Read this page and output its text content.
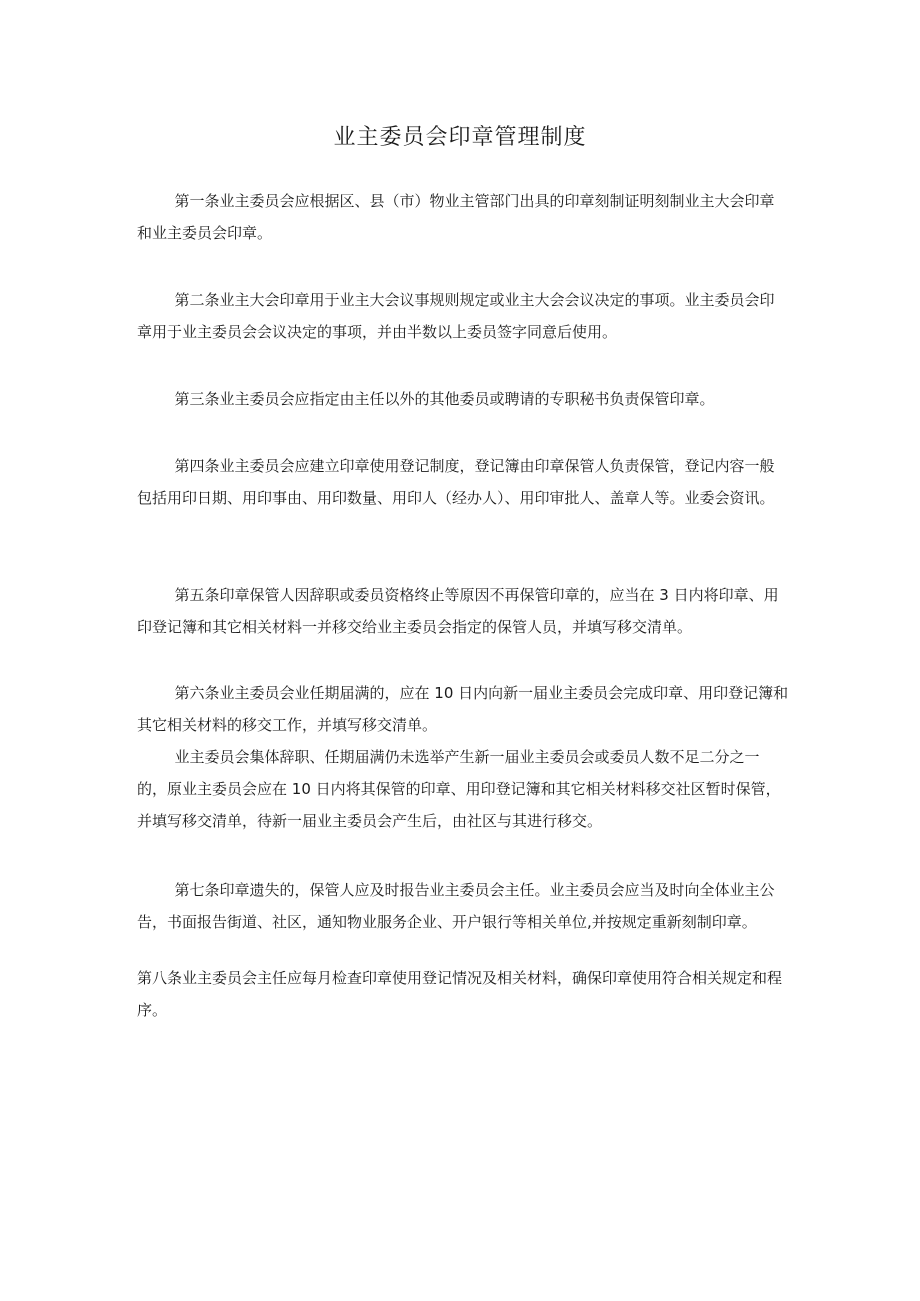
业主委员会印章管理制度

第一条业主委员会应根据区、县（市）物业主管部门出具的印章刻制证明刻制业主大会印章和业主委员会印章。

第二条业主大会印章用于业主大会议事规则规定或业主大会会议决定的事项。业主委员会印章用于业主委员会会议决定的事项，并由半数以上委员签字同意后使用。

第三条业主委员会应指定由主任以外的其他委员或聘请的专职秘书负责保管印章。

第四条业主委员会应建立印章使用登记制度，登记簿由印章保管人负责保管，登记内容一般包括用印日期、用印事由、用印数量、用印人（经办人）、用印审批人、盖章人等。业委会资讯。

第五条印章保管人因辞职或委员资格终止等原因不再保管印章的，应当在 3 日内将印章、用印登记簿和其它相关材料一并移交给业主委员会指定的保管人员，并填写移交清单。

第六条业主委员会业任期届满的，应在 10 日内向新一届业主委员会完成印章、用印登记簿和其它相关材料的移交工作，并填写移交清单。

业主委员会集体辞职、任期届满仍未选举产生新一届业主委员会或委员人数不足二分之一的，原业主委员会应在 10 日内将其保管的印章、用印登记簿和其它相关材料移交社区暂时保管，并填写移交清单，待新一届业主委员会产生后，由社区与其进行移交。

第七条印章遗失的，保管人应及时报告业主委员会主任。业主委员会应当及时向全体业主公告，书面报告街道、社区，通知物业服务企业、开户银行等相关单位,并按规定重新刻制印章。

第八条业主委员会主任应每月检查印章使用登记情况及相关材料，确保印章使用符合相关规定和程序。
